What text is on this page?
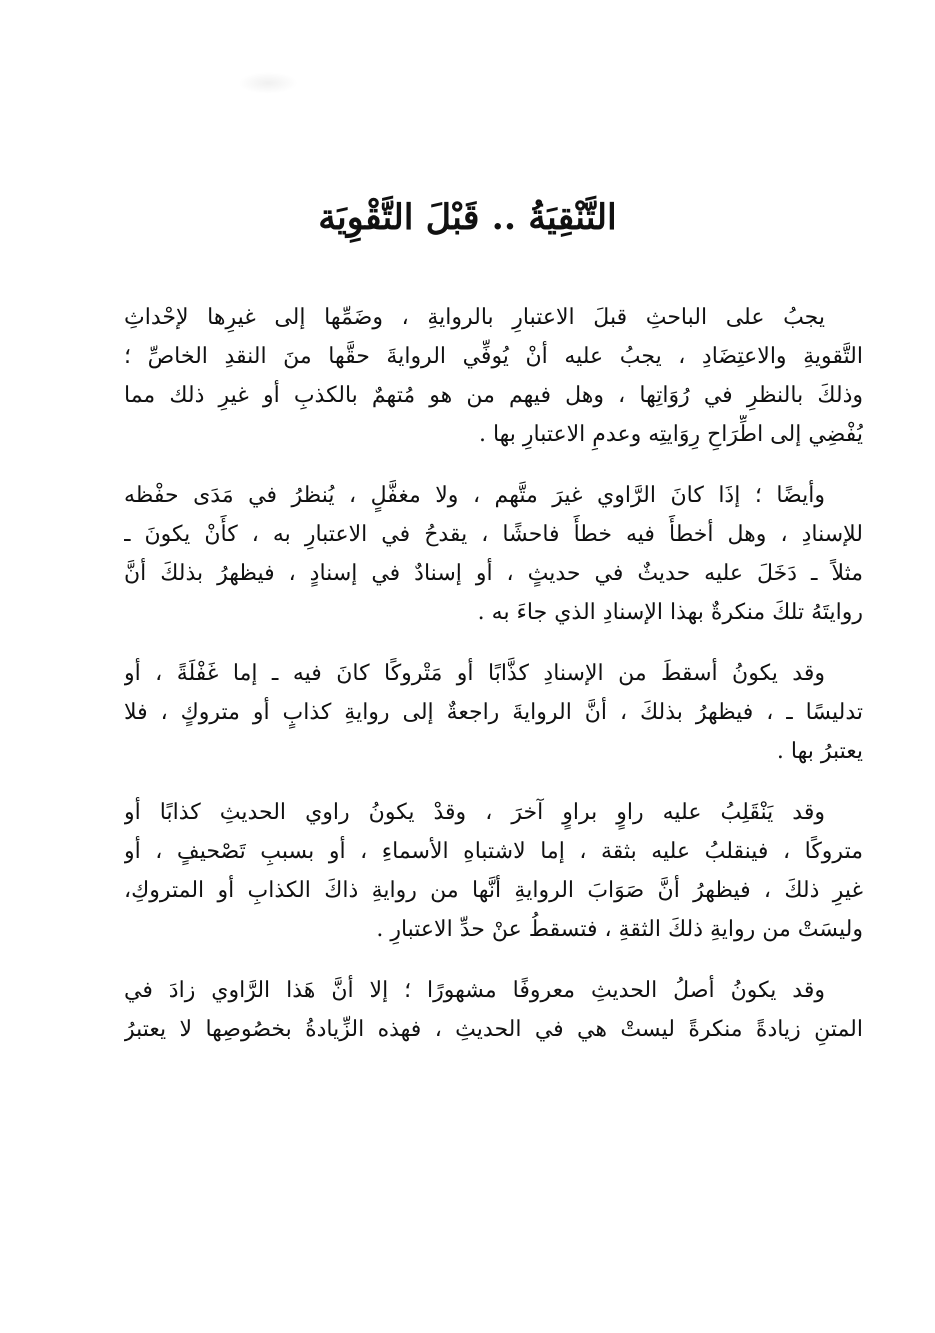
التَّنْقِيَةُ .. قَبْلَ التَّقْوِيَة

يجبُ على الباحثِ قبلَ الاعتبارِ بالروايةِ ، وضَمِّها إلى غيرِها لإحْداثِ
التَّقويةِ والاعتِضَادِ ، يجبُ عليه أنْ يُوفِّي الروايةَ حقَّها منَ النقدِ الخاصِّ ؛
وذلكَ بالنظرِ في رُوَاتِها ، وهل فيهم من هو مُتهمٌ بالكذبِ أو غيرِ ذلك مما
يُفْضِي إلى اطِّرَاحِ رِوَايتِه وعدمِ الاعتبارِ بها .

وأيضًا ؛ إذَا كانَ الرَّاوي غيرَ متَّهم ، ولا مغفَّلٍ ، يُنظرُ في مَدَى حفْظه
للإسنادِ ، وهل أخطأَ فيه خطأً فاحشًا ، يقدحُ في الاعتبارِ به ، كأَنْ يكونَ ـ
مثلاً ـ دَخَلَ عليه حديثٌ في حديثٍ ، أو إسنادٌ في إسنادٍ ، فيظهرُ بذلكَ أنَّ
روايتَهُ تلكَ منكرةٌ بهذا الإسنادِ الذي جاءَ به .

وقد يكونُ أسقطَ من الإسنادِ كذَّابًا أو مَتْروكًا كانَ فيه ـ إما غَفْلَةً ، أو
تدليسًا ـ ، فيظهرُ بذلكَ ، أنَّ الروايةَ راجعةٌ إلى روايةِ كذابٍ أو متروكٍ ، فلا
يعتبرُ بها .

وقد يَنْقَلِبُ عليه راوٍ براوٍ آخرَ ، وقدْ يكونُ راوي الحديثِ كذابًا أو
متروكًا ، فينقلبُ عليه بثقة ، إما لاشتباهِ الأسماءِ ، أو بسببِ تَصْحيفٍ ، أو
غيرِ ذلكَ ، فيظهرُ أنَّ صَوَابَ الروايةِ أنَّها من روايةِ ذاكَ الكذابِ أو المتروكِ،
وليسَتْ من روايةِ ذلكَ الثقةِ ، فتسقطُ عنْ حدِّ الاعتبارِ .

وقد يكونُ أصلُ الحديثِ معروفًا مشهورًا ؛ إلا أنَّ هَذا الرَّاوي زادَ في
المتنِ زيادةً منكرةً ليستْ هي في الحديثِ ، فهذه الزِّيادةُ بخصُوصِها لا يعتبرُ
